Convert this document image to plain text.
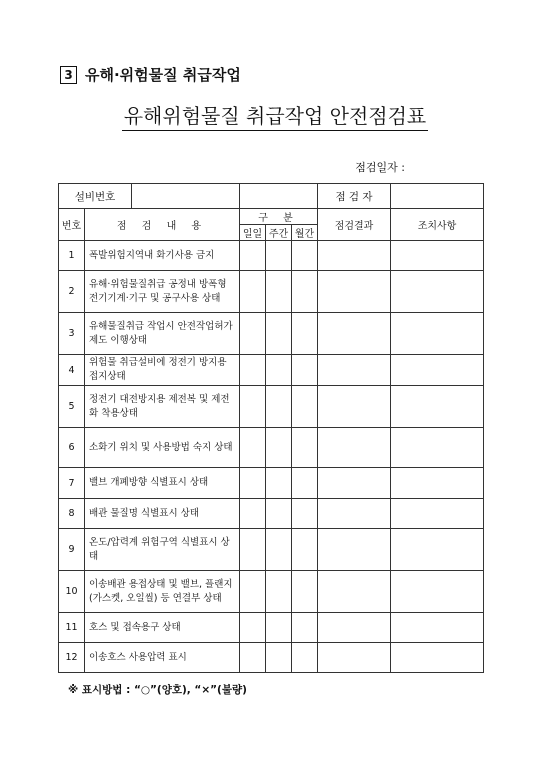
3 유해·위험물질 취급작업
유해위험물질 취급작업 안전점검표
점검일자 :
설비번호					점 검 자	
번호	점 검 내 용	구 분			점검결과	조치사항
		일일	주간	월간		
1	폭발위험지역내 화기사용 금지					
2	유해·위험물질취급 공정내 방폭형 전기기계·기구 및 공구사용 상태					
3	유해물질취급 작업시 안전작업허가제도 이행상태					
4	위험물 취급설비에 정전기 방지용 접지상태					
5	정전기 대전방지용 제전복 및 제전화 착용상태					
6	소화기 위치 및 사용방법 숙지 상태					
7	밸브 개폐방향 식별표시 상태					
8	배관 물질명 식별표시 상태					
9	온도/압력계 위험구역 식별표시 상태					
10	이송배관 용접상태 및 밸브, 플랜지(가스켓, 오일씰) 등 연결부 상태					
11	호스 및 접속용구 상태					
12	이송호스 사용압력 표시					
※ 표시방법 : “○”(양호), “×”(불량)
